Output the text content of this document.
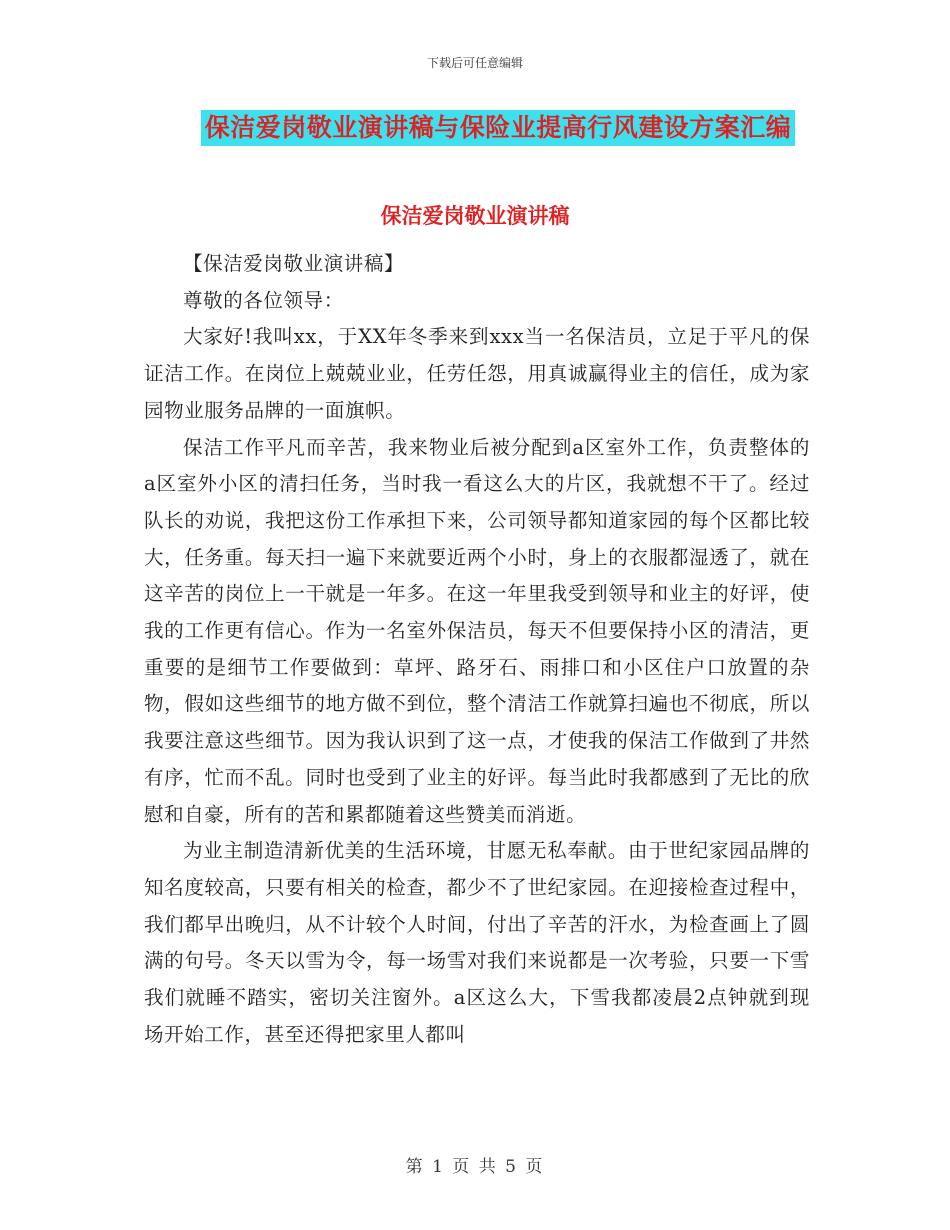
下载后可任意编辑
保洁爱岗敬业演讲稿与保险业提高行风建设方案汇编
保洁爱岗敬业演讲稿

【保洁爱岗敬业演讲稿】

尊敬的各位领导：

大家好!我叫xx，于XX年冬季来到xxx当一名保洁员，立足于平凡的保证洁工作。在岗位上兢兢业业，任劳任怨，用真诚赢得业主的信任，成为家园物业服务品牌的一面旗帜。

保洁工作平凡而辛苦，我来物业后被分配到a区室外工作，负责整体的a区室外小区的清扫任务，当时我一看这么大的片区，我就想不干了。经过队长的劝说，我把这份工作承担下来，公司领导都知道家园的每个区都比较大，任务重。每天扫一遍下来就要近两个小时，身上的衣服都湿透了，就在这辛苦的岗位上一干就是一年多。在这一年里我受到领导和业主的好评，使我的工作更有信心。作为一名室外保洁员，每天不但要保持小区的清洁，更重要的是细节工作要做到：草坪、路牙石、雨排口和小区住户口放置的杂物，假如这些细节的地方做不到位，整个清洁工作就算扫遍也不彻底，所以我要注意这些细节。因为我认识到了这一点，才使我的保洁工作做到了井然有序，忙而不乱。同时也受到了业主的好评。每当此时我都感到了无比的欣慰和自豪，所有的苦和累都随着这些赞美而消逝。

为业主制造清新优美的生活环境，甘愿无私奉献。由于世纪家园品牌的知名度较高，只要有相关的检查，都少不了世纪家园。在迎接检查过程中，我们都早出晚归，从不计较个人时间，付出了辛苦的汗水，为检查画上了圆满的句号。冬天以雪为令，每一场雪对我们来说都是一次考验，只要一下雪我们就睡不踏实，密切关注窗外。a区这么大，下雪我都凌晨2点钟就到现场开始工作，甚至还得把家里人都叫

第 1 页 共 5 页
